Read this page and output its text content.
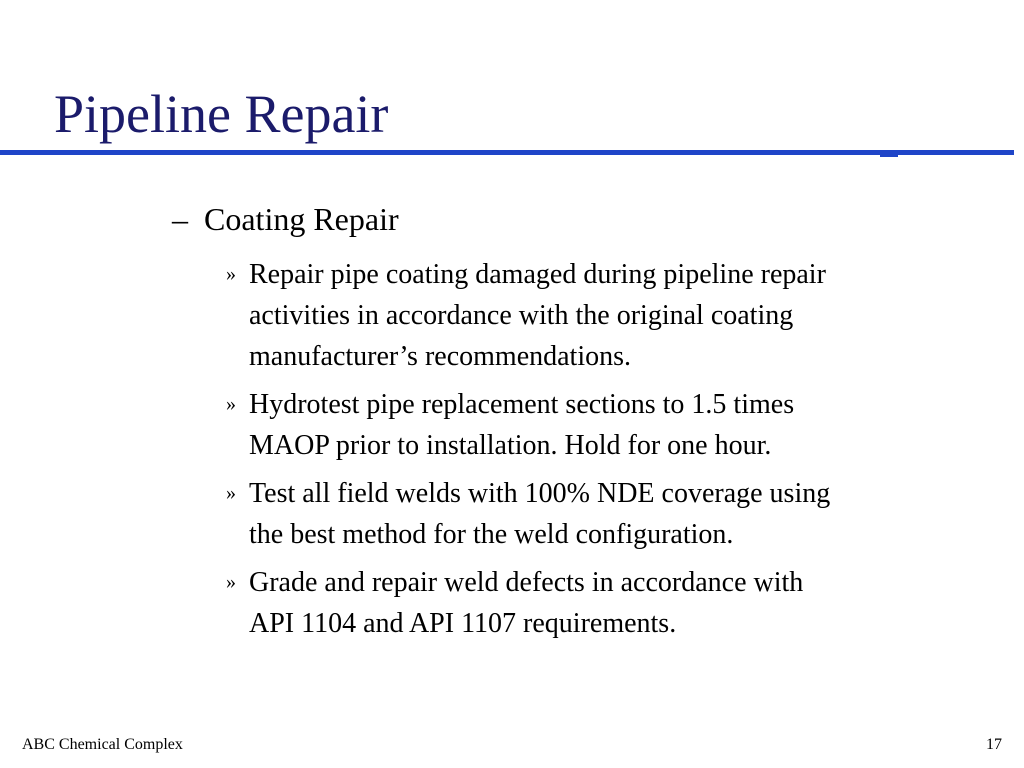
Pipeline Repair
– Coating Repair
» Repair pipe coating damaged during pipeline repair
activities in accordance with the original coating
manufacturer’s recommendations.
» Hydrotest pipe replacement sections to 1.5 times
MAOP prior to installation. Hold for one hour.
» Test all field welds with 100% NDE coverage using
the best method for the weld configuration.
» Grade and repair weld defects in accordance with
API 1104 and API 1107 requirements.
ABC Chemical Complex	17
